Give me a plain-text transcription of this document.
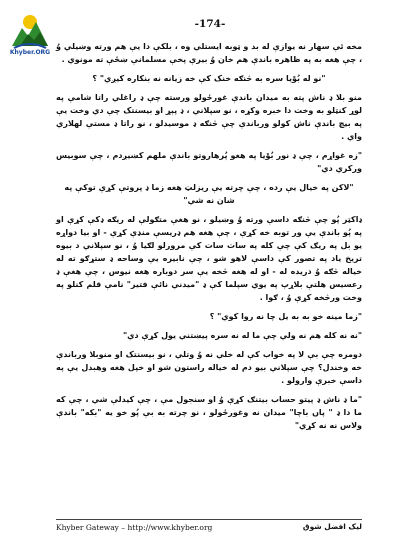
Khyber.ORG
-174-

مخه ئې سهار نه يوازې له بد و ټوبه ايستلي وه ، بلکې دا يې هم ورته وښيلي وُ ، چې هغه به په ظاهره باندې هم خان وُ بيرې پخې مسلمانې ښځې ته مونوي .

"نو له بُوْيا سره به څنګه خنک کې خه زيانه نه بنکاره کيږي" ؟

منو بلا ډ ناش پته به ميدان باندې غورځولو ورسته چې ډ راغلي راتا شامې په لوړ کنټلو به وخت دا خبره وکړه ، نو سپلاني ، ډ پېړ او بيسنتک چې دي وخت يې په بيچ باندې ناش کولو ورباندې چې څنګه ډ موسيدلو ، نو راتا ډ مستې لهلاري واي .

"زه غواړم ، چې ډ نور بُوْيا په هغو پُرهاروتو باندې ملهم کښيږدم ، چې سوبيس ورکري دي"

"لاکن په خيال يې رده ، چې چرته يې ريزلټ هغه زما ډ پروتې کړې توکې په شان نه شي"

ډاکټر پُو چې څنګه داسې ورته وُ وښيلو ، نو هغې متګولې له ريګه ډکې کړې او په پُو باندې يې ور توبه خه کړې ، چې هغه هم ډريسې منډې کړې - او بيا دواړه يو بل په ريګ کې چې کله په سات سات کې مرورلو لګيا وُ ، نو سپلاني د بيوه تريخ ياد په تصور کې داسې لاهو شو ، چې نابيره يې وساحه ډ ستړګو ته له خياله څګه وُ دريده له - او له هغه څخه يې سر دوباره هغه نيوس ، چې هغې ډ رعسيس هلتې بلاړپ په يوي سپلما کې ډ "ميدني نائې فتير" نامې قلم کنلو په وخت ورڅخه کړې وُ ، ګوا .

"زما مينه خو به به يل چا نه روا کوي" ؟

"نه نه کله هم نه ولي چې ما له نه سره پيښتني يول کړې دي"

دومره چې بې لا په خواب کې له خلي نه وُ وتلي ، نو بيسنتک او منوبلا ورباندې خه وخندل؟ چې سپلاني بيو دم له خياله راستون شو او خپل هغه وهبدل يې په داسې خبرې وارولو .

"ما ډ ناش ډ پيتو حساب بيتنګ کړې وُ او سنجول مې ، چې کيدلې شي ، چې که ما دا ډ " پاں باچا" ميدان نه وغورځولو ، نو چرته به بې پُو خو يه "بکه" باندې ولاس نه نه کړي"

Khyber Gateway – http://www.khyber.org	ليک افضل شوق
